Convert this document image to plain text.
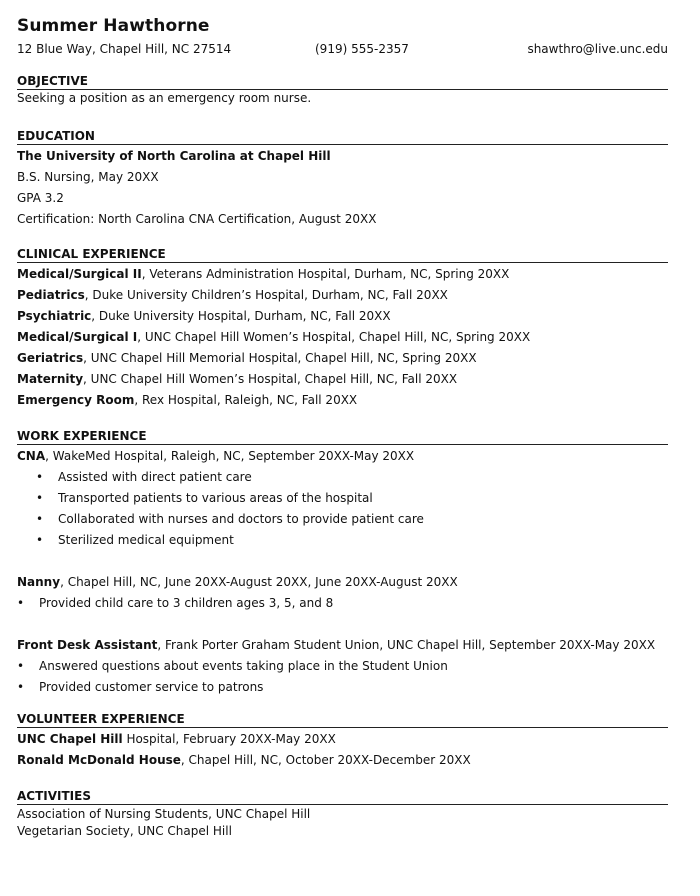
Summer Hawthorne
12 Blue Way, Chapel Hill, NC 27514	(919) 555-2357	shawthro@live.unc.edu
OBJECTIVE
Seeking a position as an emergency room nurse.
EDUCATION
The University of North Carolina at Chapel Hill
B.S. Nursing, May 20XX
GPA 3.2
Certification: North Carolina CNA Certification, August 20XX
CLINICAL EXPERIENCE
Medical/Surgical II, Veterans Administration Hospital, Durham, NC, Spring 20XX
Pediatrics, Duke University Children’s Hospital, Durham, NC, Fall 20XX
Psychiatric, Duke University Hospital, Durham, NC, Fall 20XX
Medical/Surgical I, UNC Chapel Hill Women’s Hospital, Chapel Hill, NC, Spring 20XX
Geriatrics, UNC Chapel Hill Memorial Hospital, Chapel Hill, NC, Spring 20XX
Maternity, UNC Chapel Hill Women’s Hospital, Chapel Hill, NC, Fall 20XX
Emergency Room, Rex Hospital, Raleigh, NC, Fall 20XX
WORK EXPERIENCE
CNA, WakeMed Hospital, Raleigh, NC, September 20XX-May 20XX
• Assisted with direct patient care
• Transported patients to various areas of the hospital
• Collaborated with nurses and doctors to provide patient care
• Sterilized medical equipment
Nanny, Chapel Hill, NC, June 20XX-August 20XX, June 20XX-August 20XX
• Provided child care to 3 children ages 3, 5, and 8
Front Desk Assistant, Frank Porter Graham Student Union, UNC Chapel Hill, September 20XX-May 20XX
• Answered questions about events taking place in the Student Union
• Provided customer service to patrons
VOLUNTEER EXPERIENCE
UNC Chapel Hill Hospital, February 20XX-May 20XX
Ronald McDonald House, Chapel Hill, NC, October 20XX-December 20XX
ACTIVITIES
Association of Nursing Students, UNC Chapel Hill
Vegetarian Society, UNC Chapel Hill
